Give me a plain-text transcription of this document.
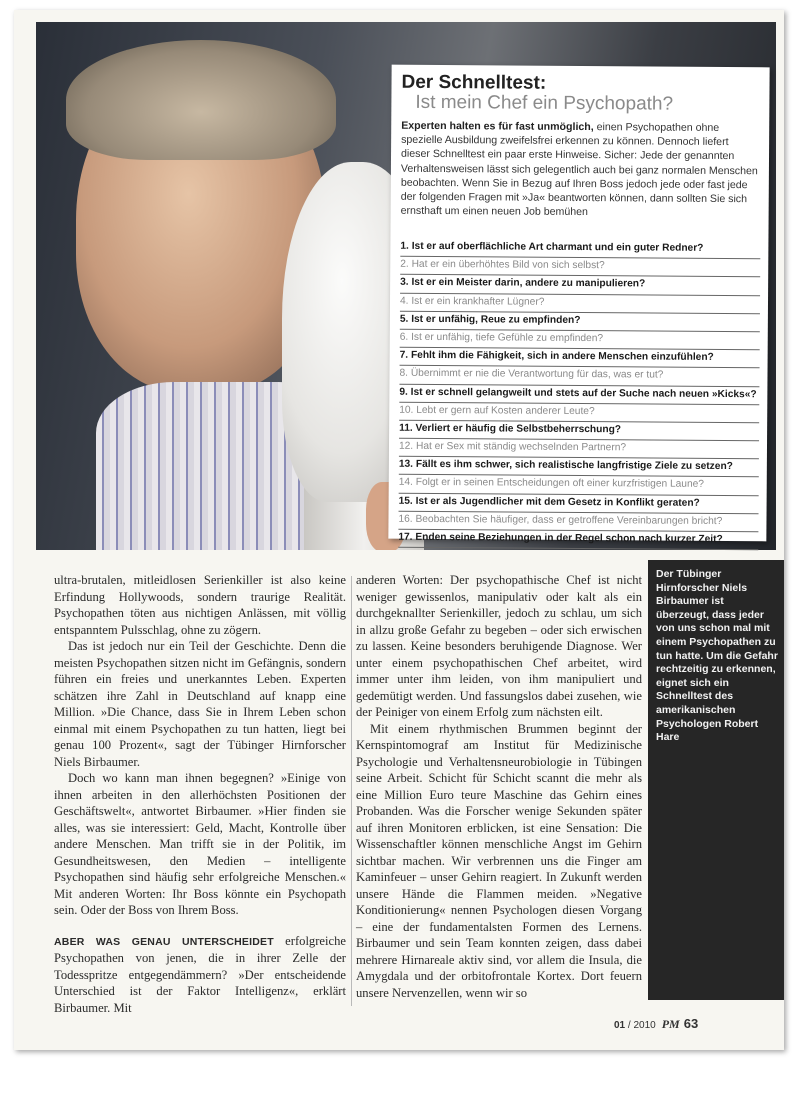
Der Schnelltest:
Ist mein Chef ein Psychopath?

Experten halten es für fast unmöglich, einen Psychopathen ohne spezielle Ausbildung zweifelsfrei erkennen zu können. Dennoch liefert dieser Schnelltest ein paar erste Hinweise. Sicher: Jede der genannten Verhaltensweisen lässt sich gelegentlich auch bei ganz normalen Menschen beobachten. Wenn Sie in Bezug auf Ihren Boss jedoch jede oder fast jede der folgenden Fragen mit »Ja« beantworten können, dann sollten Sie sich ernsthaft um einen neuen Job bemühen

1. Ist er auf oberflächliche Art charmant und ein guter Redner?
2. Hat er ein überhöhtes Bild von sich selbst?
3. Ist er ein Meister darin, andere zu manipulieren?
4. Ist er ein krankhafter Lügner?
5. Ist er unfähig, Reue zu empfinden?
6. Ist er unfähig, tiefe Gefühle zu empfinden?
7. Fehlt ihm die Fähigkeit, sich in andere Menschen einzufühlen?
8. Übernimmt er nie die Verantwortung für das, was er tut?
9. Ist er schnell gelangweilt und stets auf der Suche nach neuen »Kicks«?
10. Lebt er gern auf Kosten anderer Leute?
11. Verliert er häufig die Selbstbeherrschung?
12. Hat er Sex mit ständig wechselnden Partnern?
13. Fällt es ihm schwer, sich realistische langfristige Ziele zu setzen?
14. Folgt er in seinen Entscheidungen oft einer kurzfristigen Laune?
15. Ist er als Jugendlicher mit dem Gesetz in Konflikt geraten?
16. Beobachten Sie häufiger, dass er getroffene Vereinbarungen bricht?
17. Enden seine Beziehungen in der Regel schon nach kurzer Zeit?

Der Tübinger Hirnforscher Niels Birbaumer ist überzeugt, dass jeder von uns schon mal mit einem Psychopathen zu tun hatte. Um die Gefahr rechtzeitig zu erkennen, eignet sich ein Schnelltest des amerikanischen Psychologen Robert Hare

ultra-brutalen, mitleidlosen Serienkiller ist also keine Erfindung Hollywoods, sondern traurige Realität. Psychopathen töten aus nichtigen Anlässen, mit völlig entspanntem Pulsschlag, ohne zu zögern.

Das ist jedoch nur ein Teil der Geschichte. Denn die meisten Psychopathen sitzen nicht im Gefängnis, sondern führen ein freies und unerkanntes Leben. Experten schätzen ihre Zahl in Deutschland auf knapp eine Million. »Die Chance, dass Sie in Ihrem Leben schon einmal mit einem Psychopathen zu tun hatten, liegt bei genau 100 Prozent«, sagt der Tübinger Hirnforscher Niels Birbaumer.

Doch wo kann man ihnen begegnen? »Einige von ihnen arbeiten in den allerhöchsten Positionen der Geschäftswelt«, antwortet Birbaumer. »Hier finden sie alles, was sie interessiert: Geld, Macht, Kontrolle über andere Menschen. Man trifft sie in der Politik, im Gesundheitswesen, den Medien – intelligente Psychopathen sind häufig sehr erfolgreiche Menschen.« Mit anderen Worten: Ihr Boss könnte ein Psychopath sein. Oder der Boss von Ihrem Boss.

ABER WAS GENAU UNTERSCHEIDET erfolgreiche Psychopathen von jenen, die in ihrer Zelle der Todesspritze entgegendämmern? »Der entscheidende Unterschied ist der Faktor Intelligenz«, erklärt Birbaumer. Mit

anderen Worten: Der psychopathische Chef ist nicht weniger gewissenlos, manipulativ oder kalt als ein durchgeknallter Serienkiller, jedoch zu schlau, um sich in allzu große Gefahr zu begeben – oder sich erwischen zu lassen. Keine besonders beruhigende Diagnose. Wer unter einem psychopathischen Chef arbeitet, wird immer unter ihm leiden, von ihm manipuliert und gedemütigt werden. Und fassungslos dabei zusehen, wie der Peiniger von einem Erfolg zum nächsten eilt.

Mit einem rhythmischen Brummen beginnt der Kernspintomograf am Institut für Medizinische Psychologie und Verhaltensneurobiologie in Tübingen seine Arbeit. Schicht für Schicht scannt die mehr als eine Million Euro teure Maschine das Gehirn eines Probanden. Was die Forscher wenige Sekunden später auf ihren Monitoren erblicken, ist eine Sensation: Die Wissenschaftler können menschliche Angst im Gehirn sichtbar machen. Wir verbrennen uns die Finger am Kaminfeuer – unser Gehirn reagiert. In Zukunft werden unsere Hände die Flammen meiden. »Negative Konditionierung« nennen Psychologen diesen Vorgang – eine der fundamentalsten Formen des Lernens. Birbaumer und sein Team konnten zeigen, dass dabei mehrere Hirnareale aktiv sind, vor allem die Insula, die Amygdala und der orbitofrontale Kortex. Dort feuern unsere Nervenzellen, wenn wir so

01 / 2010 PM 63
